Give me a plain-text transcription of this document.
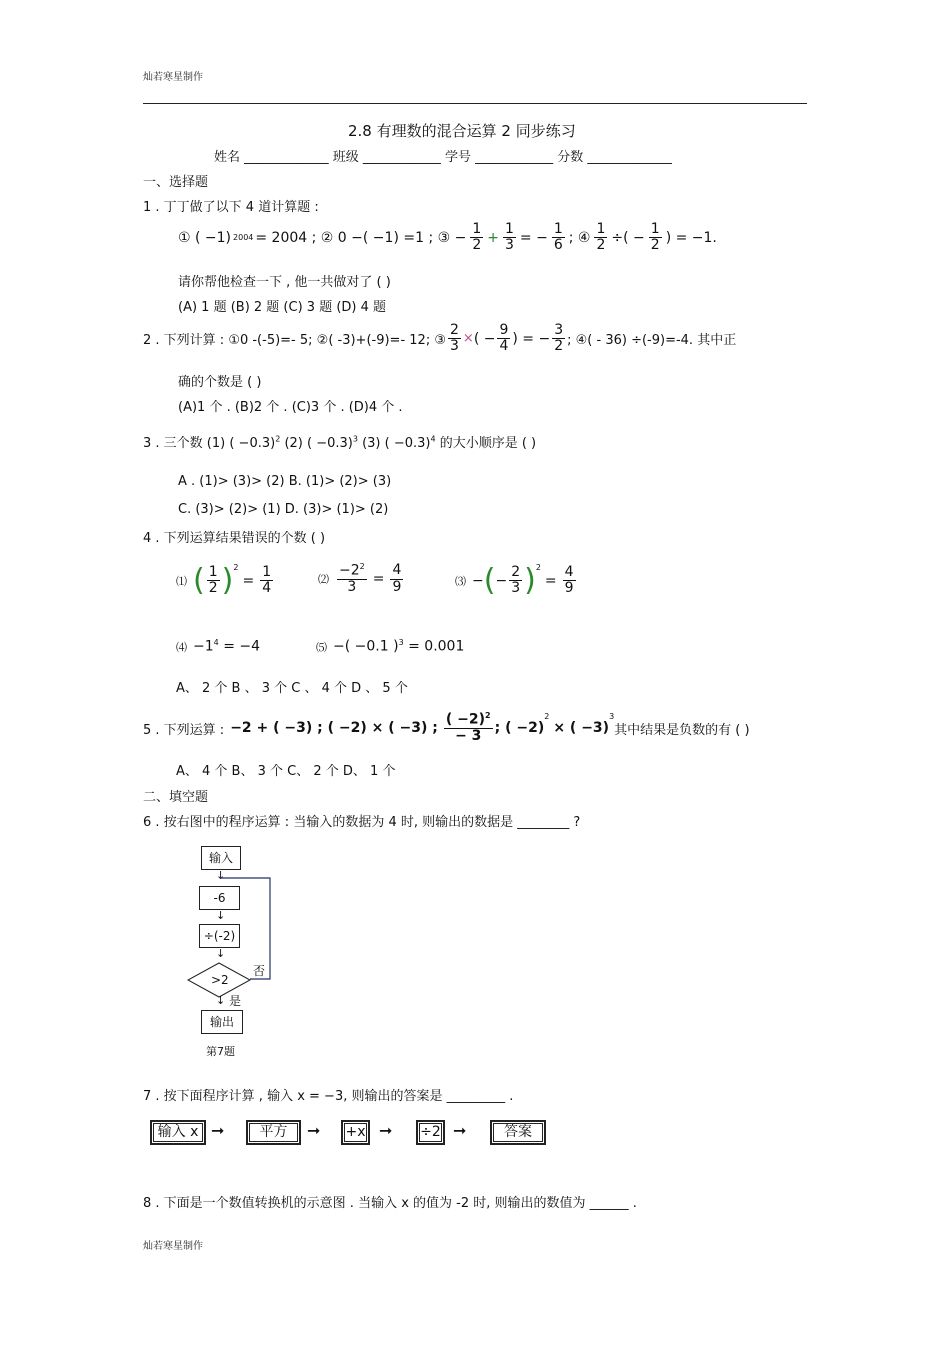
灿若寒星制作
2.8 有理数的混合运算 2 同步练习
姓名 _____________ 班级 ____________ 学号 ____________ 分数 _____________
一、选择题
1 . 丁丁做了以下 4 道计算题 :
① ( −1) 2004 = 2004 ; ② 0 −( −1) =1 ; ③ − $\frac{1}{2} + \frac{1}{3}$ = − $\frac{1}{6}$ ; ④ $\frac{1}{2}$ ÷( − $\frac{1}{2}$ ) = −1.
请你帮他检查一下 , 他一共做对了 ( )
(A) 1 题 (B) 2 题 (C) 3 题 (D) 4 题
2 . 下列计算 : ①0 -(-5)=- 5; ②( -3)+(-9)=- 12; ③ $\frac{2}{3}$ × ( − $\frac{9}{4}$ ) = − $\frac{3}{2}$ ; ④( - 36) ÷(-9)=-4. 其中正
确的个数是 ( )
(A)1 个 . (B)2 个 . (C)3 个 . (D)4 个 .
3 . 三个数 (1) ( −0.3)$^2$ (2) ( −0.3)$^3$ (3) ( −0.3)$^4$ 的大小顺序是 ( )
A . (1)> (3)> (2) B. (1)> (2)> (3)
C. (3)> (2)> (1) D. (3)> (1)> (2)
4 . 下列运算结果错误的个数 ( )
⑴ ( $\frac{1}{2} )^2$
= $\frac{1}{4}$	⑵ $\frac{-2^2}{3} = \frac{4}{9}$	⑶ − ( − $\frac{2}{3} )^2$
= $\frac{4}{9}$
⑷ $-1^4 = -4$	⑸ −( −0.1 )$^3$ = 0.001
A、 2 个 B 、 3 个 C 、 4 个 D 、 5 个
5 . 下列运算 : −2 + ( −3) ; ( −2) × ( −3) ; $\frac{( -2)^2}{- 3}$ ; ( −2)
$^2$
× ( −3)
$^3$
其中结果是负数的有 ( )
A、 4 个 B、 3 个 C、 2 个 D、 1 个
二、填空题
6 . 按右图中的程序运算 : 当输入的数据为 4 时, 则输出的数据是 ________ ?
输入
↓
-6
↓
÷(-2)
↓
>2
否
↓ 是
输出
第7题
7 . 按下面程序计算 , 输入 x = −3, 则输出的答案是 _________ .
输入 x ➞	平方	➞	+x ➞ ÷2 ➞	答案
8 . 下面是一个数值转换机的示意图 . 当输入 x 的值为 -2 时, 则输出的数值为 ______ .
灿若寒星制作
